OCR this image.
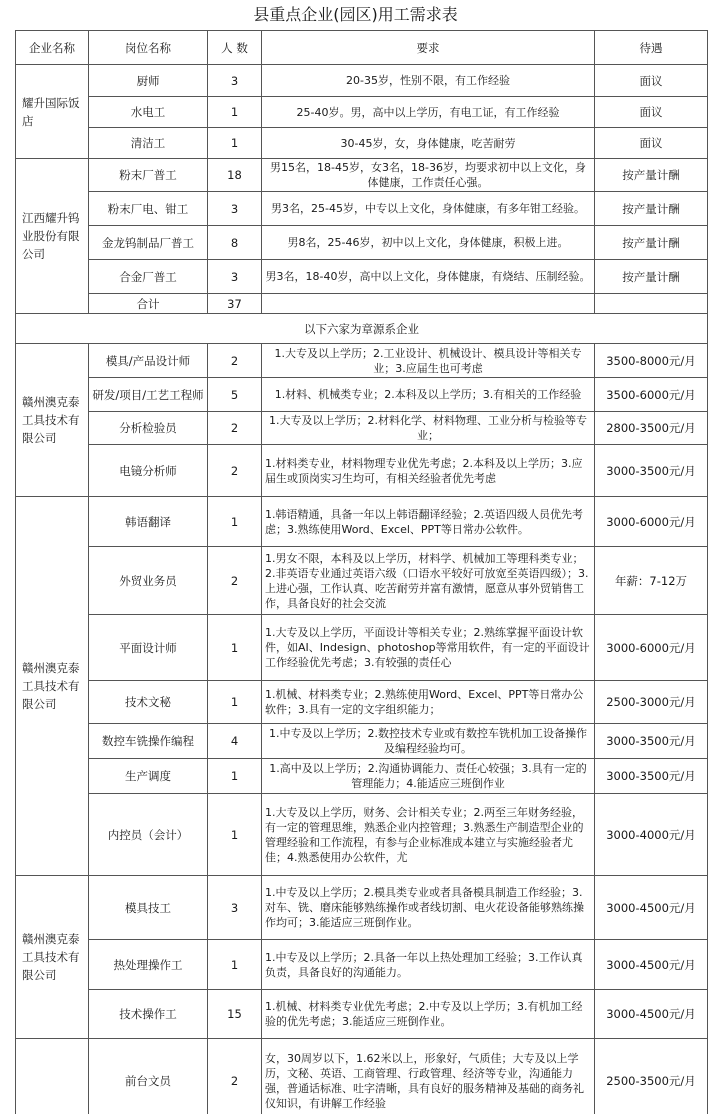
县重点企业(园区)用工需求表
企业名称	岗位名称	人 数	要求	待遇
耀升国际饭店	厨师	3	20-35岁，性别不限，有工作经验	面议
	水电工	1	25-40岁。男，高中以上学历，有电工证，有工作经验	面议
	清洁工	1	30-45岁，女，身体健康，吃苦耐劳	面议
江西耀升钨业股份有限公司	粉末厂普工	18	男15名，18-45岁，女3名，18-36岁，均要求初中以上文化，身体健康，工作责任心强。	按产量计酬
	粉末厂电、钳工	3	男3名，25-45岁，中专以上文化，身体健康，有多年钳工经验。	按产量计酬
	金龙钨制品厂普工	8	男8名，25-46岁，初中以上文化，身体健康，积极上进。	按产量计酬
	合金厂普工	3	男3名，18-40岁，高中以上文化，身体健康，有烧结、压制经验。	按产量计酬
	合计	37		
以下六家为章源系企业				
赣州澳克泰工具技术有限公司	模具/产品设计师	2	1.大专及以上学历；2.工业设计、机械设计、模具设计等相关专业；3.应届生也可考虑	3500-8000元/月
	研发/项目/工艺工程师	5	1.材料、机械类专业；2.本科及以上学历；3.有相关的工作经验	3500-6000元/月
	分析检验员	2	1.大专及以上学历；2.材料化学、材料物理、工业分析与检验等专业；	2800-3500元/月
	电镜分析师	2	1.材料类专业，材料物理专业优先考虑；2.本科及以上学历；3.应届生或顶岗实习生均可，有相关经验者优先考虑	3000-3500元/月
赣州澳克泰工具技术有限公司	韩语翻译	1	1.韩语精通，具备一年以上韩语翻译经验；2.英语四级人员优先考虑；3.熟练使用Word、Excel、PPT等日常办公软件。	3000-6000元/月
	外贸业务员	2	1.男女不限，本科及以上学历，材料学、机械加工等理科类专业；2.非英语专业通过英语六级（口语水平较好可放宽至英语四级）；3.上进心强，工作认真、吃苦耐劳并富有激情，愿意从事外贸销售工作，具备良好的社会交流	年薪：7-12万
	平面设计师	1	1.大专及以上学历，平面设计等相关专业；2.熟练掌握平面设计软件，如AI、Indesign、photoshop等常用软件，有一定的平面设计工作经验优先考虑；3.有较强的责任心	3000-6000元/月
	技术文秘	1	1.机械、材料类专业；2.熟练使用Word、Excel、PPT等日常办公软件；3.具有一定的文字组织能力；	2500-3000元/月
	数控车铣操作编程	4	1.中专及以上学历；2.数控技术专业或有数控车铣机加工设备操作及编程经验均可。	3000-3500元/月
	生产调度	1	1.高中及以上学历；2.沟通协调能力、责任心较强；3.具有一定的管理能力；4.能适应三班倒作业	3000-3500元/月
	内控员（会计）	1	1.大专及以上学历，财务、会计相关专业；2.两至三年财务经验，有一定的管理思维，熟悉企业内控管理；3.熟悉生产制造型企业的管理经验和工作流程，有参与企业标准成本建立与实施经验者尤佳；4.熟悉使用办公软件，尤	3000-4000元/月
赣州澳克泰工具技术有限公司	模具技工	3	1.中专及以上学历；2.模具类专业或者具备模具制造工作经验；3.对车、铣、磨床能够熟练操作或者线切割、电火花设备能够熟练操作均可；3.能适应三班倒作业。	3000-4500元/月
	热处理操作工	1	1.中专及以上学历；2.具备一年以上热处理加工经验；3.工作认真负责，具备良好的沟通能力。	3000-4500元/月
	技术操作工	15	1.机械、材料类专业优先考虑；2.中专及以上学历；3.有机加工经验的优先考虑；3.能适应三班倒作业。	3000-4500元/月
	前台文员	2	女，30周岁以下，1.62米以上，形象好，气质佳；大专及以上学历，文秘、英语、工商管理、行政管理、经济等专业，沟通能力强，普通话标准、吐字清晰，具有良好的服务精神及基础的商务礼仪知识，有讲解工作经验	2500-3500元/月
